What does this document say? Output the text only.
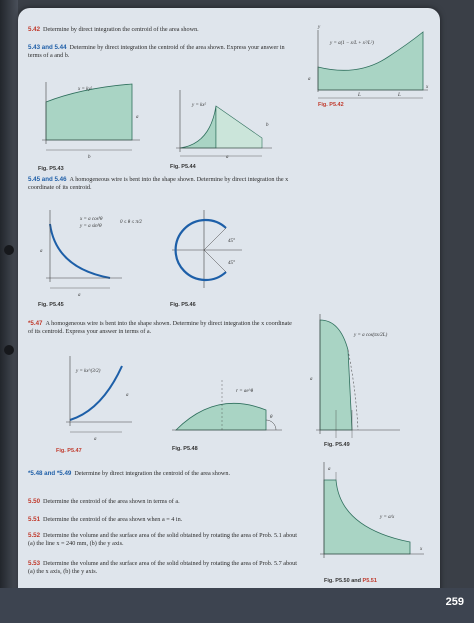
5.42 Determine by direct integration the centroid of the area shown.
5.43 and 5.44 Determine by direct integration the centroid of the area shown. Express your answer in terms of a and b.
y
x
L	L
a
y = a(1 − x/L + x²/L²)
Fig. P5.42
x = ky²
a
b
Fig. P5.43
y = kx²
b
a
Fig. P5.44
5.45 and 5.46 A homogeneous wire is bent into the shape shown. Determine by direct integration the x coordinate of its centroid.
x = a cos³θ
y = a sin³θ
0 ≤ θ ≤ π/2
a
a
Fig. P5.45
45°
45°
Fig. P5.46
*5.47 A homogeneous wire is bent into the shape shown. Determine by direct integration the x coordinate of its centroid. Express your answer in terms of a.
y = a cos(πx/2L)
a
Fig. P5.49
y = kx^(3/2)
a
a
Fig. P5.47
r = ae^θ
θ
Fig. P5.48
*5.48 and *5.49 Determine by direct integration the centroid of the area shown.
5.50 Determine the centroid of the area shown in terms of a.
5.51 Determine the centroid of the area shown when a = 4 in.
5.52 Determine the volume and the surface area of the solid obtained by rotating the area of Prob. 5.1 about (a) the line x = 240 mm, (b) the y axis.
5.53 Determine the volume and the surface area of the solid obtained by rotating the area of Prob. 5.7 about (a) the x axis, (b) the y axis.
y = a/x
a
x
Fig. P5.50 and P5.51
259
